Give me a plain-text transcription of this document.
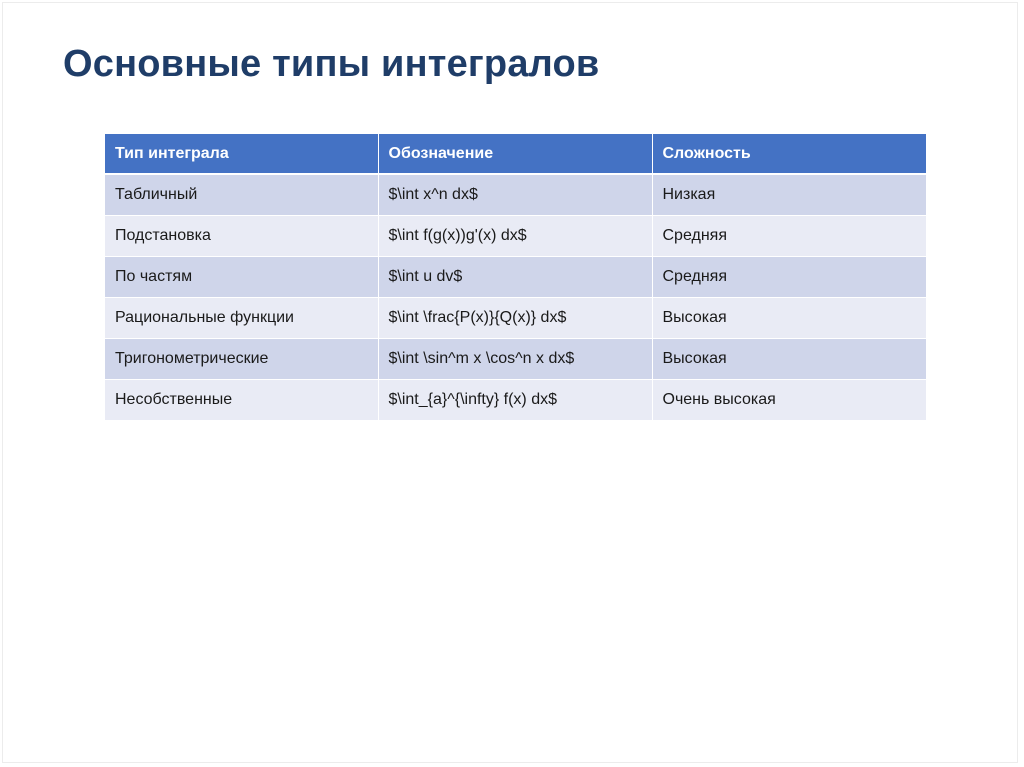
Основные типы интегралов
Тип интеграла	Обозначение	Сложность
Табличный	$\int x^n dx$	Низкая
Подстановка	$\int f(g(x))g'(x) dx$	Средняя
По частям	$\int u dv$	Средняя
Рациональные функции	$\int \frac{P(x)}{Q(x)} dx$	Высокая
Тригонометрические	$\int \sin^m x \cos^n x dx$	Высокая
Несобственные	$\int_{a}^{\infty} f(x) dx$	Очень высокая
